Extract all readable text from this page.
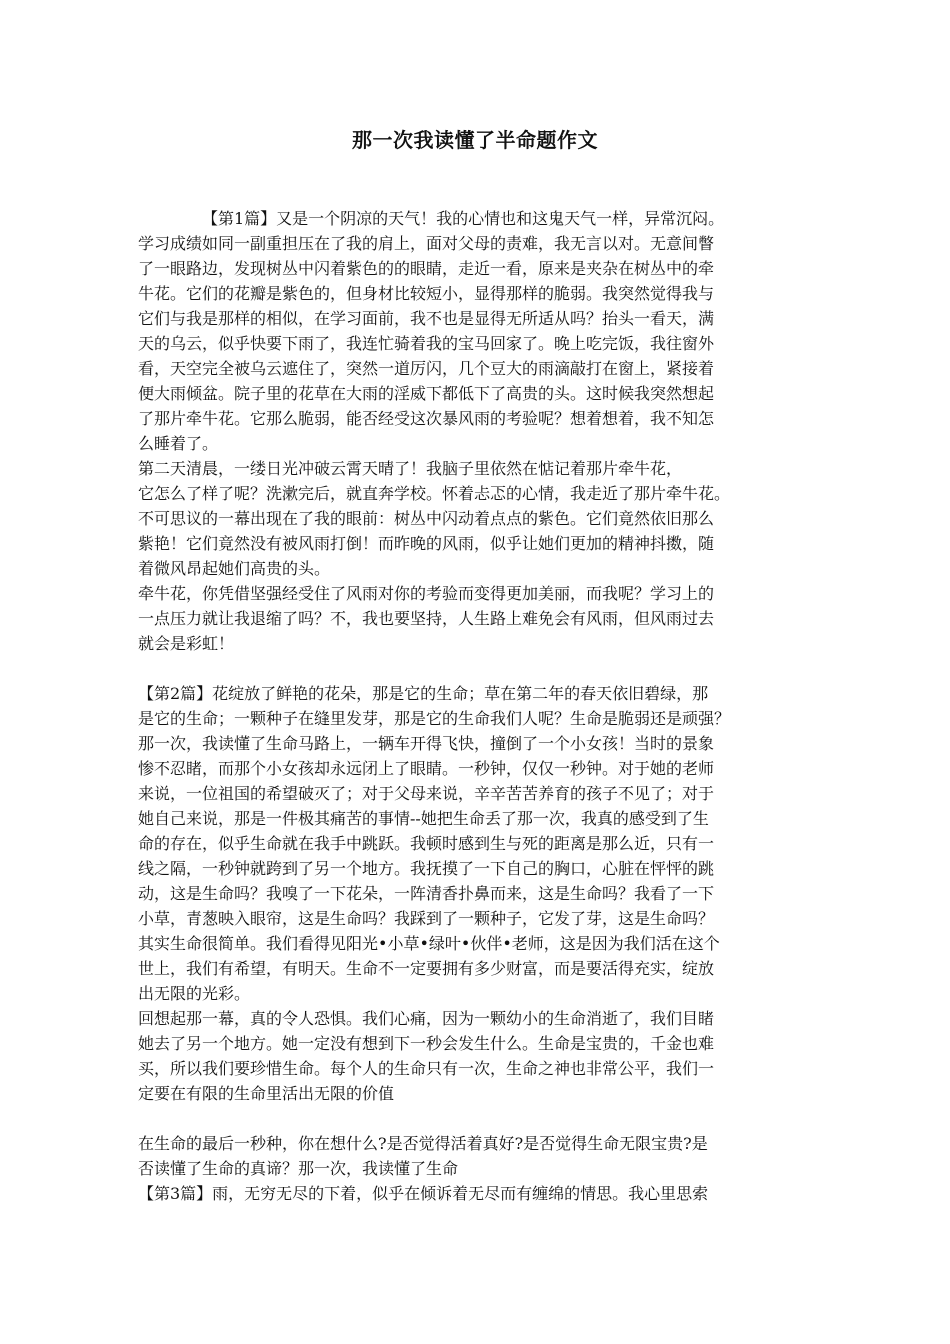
那一次我读懂了半命题作文
【第1篇】又是一个阴凉的天气！我的心情也和这鬼天气一样，异常沉闷。
学习成绩如同一副重担压在了我的肩上，面对父母的责难，我无言以对。无意间瞥
了一眼路边，发现树丛中闪着紫色的的眼睛，走近一看，原来是夹杂在树丛中的牵
牛花。它们的花瓣是紫色的，但身材比较短小，显得那样的脆弱。我突然觉得我与
它们与我是那样的相似，在学习面前，我不也是显得无所适从吗？抬头一看天，满
天的乌云，似乎快要下雨了，我连忙骑着我的宝马回家了。晚上吃完饭，我往窗外
看，天空完全被乌云遮住了，突然一道厉闪，几个豆大的雨滴敲打在窗上，紧接着
便大雨倾盆。院子里的花草在大雨的淫威下都低下了高贵的头。这时候我突然想起
了那片牵牛花。它那么脆弱，能否经受这次暴风雨的考验呢？想着想着，我不知怎
么睡着了。
第二天清晨，一缕日光冲破云霄天晴了！我脑子里依然在惦记着那片牵牛花，
它怎么了样了呢？洗漱完后，就直奔学校。怀着忐忑的心情，我走近了那片牵牛花。
不可思议的一幕出现在了我的眼前：树丛中闪动着点点的紫色。它们竟然依旧那么
紫艳！它们竟然没有被风雨打倒！而昨晚的风雨，似乎让她们更加的精神抖擞，随
着微风昂起她们高贵的头。
牵牛花，你凭借坚强经受住了风雨对你的考验而变得更加美丽，而我呢？学习上的
一点压力就让我退缩了吗？不，我也要坚持，人生路上难免会有风雨，但风雨过去
就会是彩虹！
【第2篇】花绽放了鲜艳的花朵，那是它的生命；草在第二年的春天依旧碧绿，那
是它的生命；一颗种子在缝里发芽，那是它的生命我们人呢？生命是脆弱还是顽强？
那一次，我读懂了生命马路上，一辆车开得飞快，撞倒了一个小女孩！当时的景象
惨不忍睹，而那个小女孩却永远闭上了眼睛。一秒钟，仅仅一秒钟。对于她的老师
来说，一位祖国的希望破灭了；对于父母来说，辛辛苦苦养育的孩子不见了；对于
她自己来说，那是一件极其痛苦的事情--她把生命丢了那一次，我真的感受到了生
命的存在，似乎生命就在我手中跳跃。我顿时感到生与死的距离是那么近，只有一
线之隔，一秒钟就跨到了另一个地方。我抚摸了一下自己的胸口，心脏在怦怦的跳
动，这是生命吗？我嗅了一下花朵，一阵清香扑鼻而来，这是生命吗？我看了一下
小草，青葱映入眼帘，这是生命吗？我踩到了一颗种子，它发了芽，这是生命吗？
其实生命很简单。我们看得见阳光•小草•绿叶•伙伴•老师，这是因为我们活在这个
世上，我们有希望，有明天。生命不一定要拥有多少财富，而是要活得充实，绽放
出无限的光彩。
回想起那一幕，真的令人恐惧。我们心痛，因为一颗幼小的生命消逝了，我们目睹
她去了另一个地方。她一定没有想到下一秒会发生什么。生命是宝贵的，千金也难
买，所以我们要珍惜生命。每个人的生命只有一次，生命之神也非常公平，我们一
定要在有限的生命里活出无限的价值
在生命的最后一秒种，你在想什么?是否觉得活着真好?是否觉得生命无限宝贵?是
否读懂了生命的真谛？那一次，我读懂了生命
【第3篇】雨，无穷无尽的下着，似乎在倾诉着无尽而有缠绵的情思。我心里思索
